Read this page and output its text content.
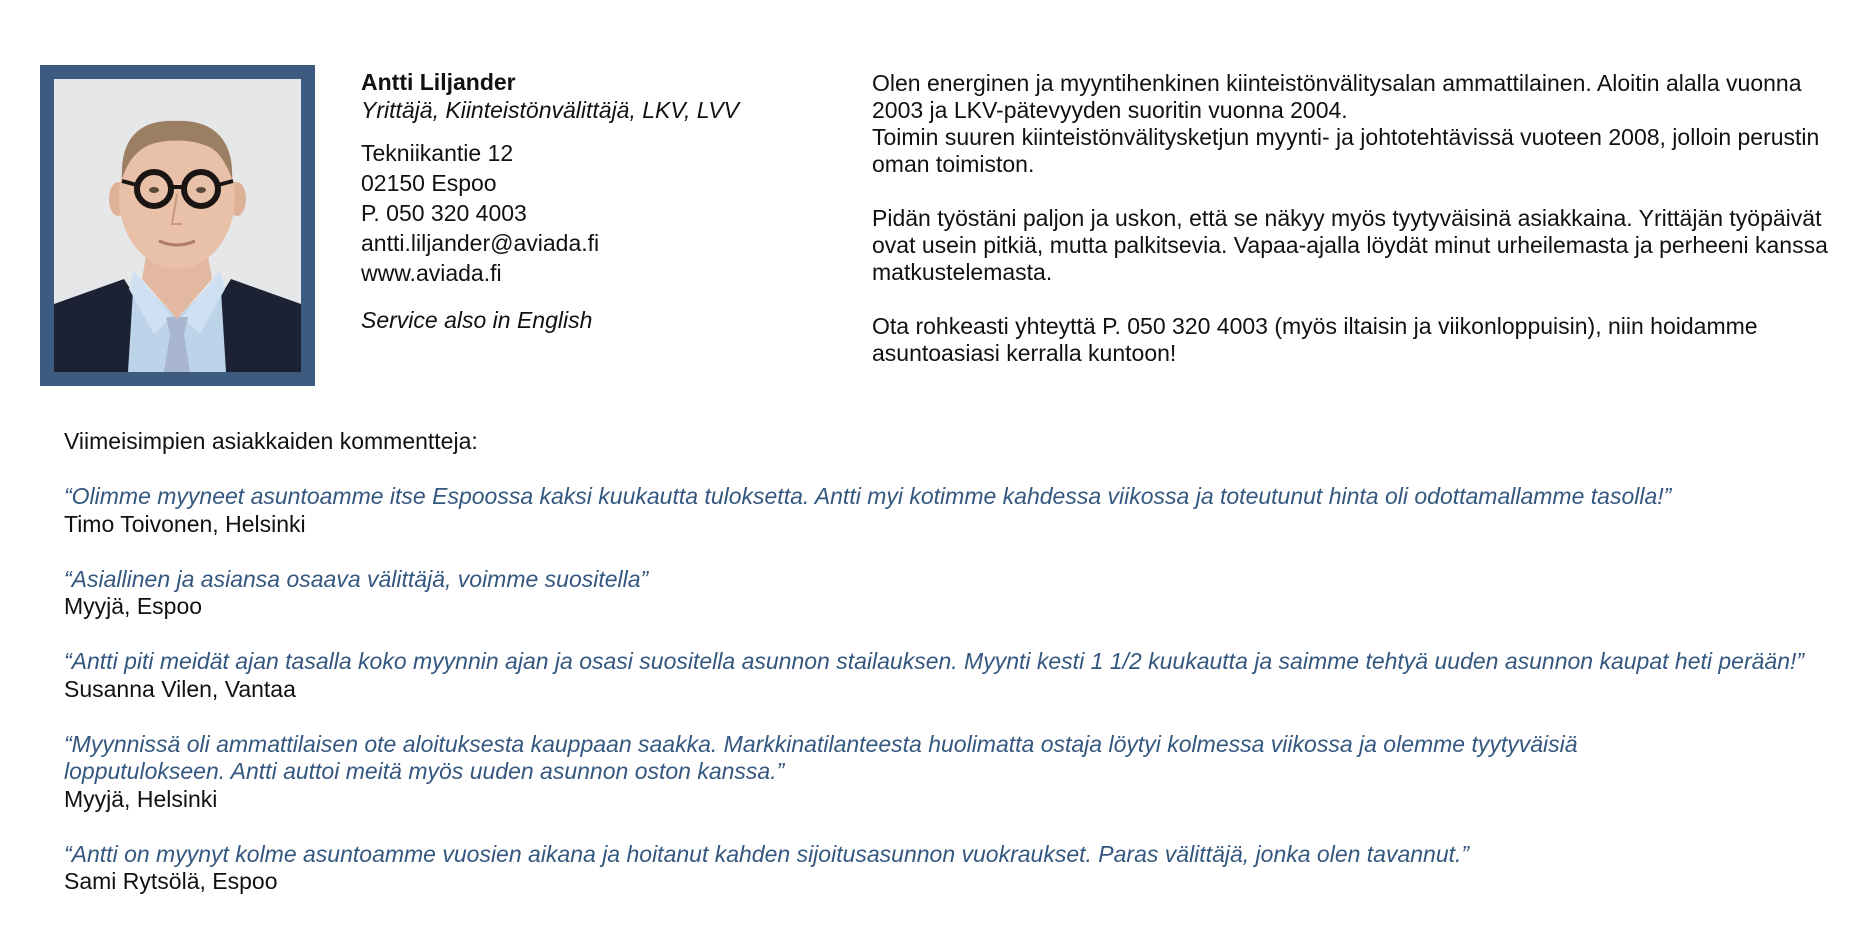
Antti Liljander
Yrittäjä, Kiinteistönvälittäjä, LKV, LVV
Tekniikantie 12
02150 Espoo
P. 050 320 4003
antti.liljander@aviada.fi
www.aviada.fi
Service also in English

Olen energinen ja myyntihenkinen kiinteistönvälitysalan ammattilainen. Aloitin alalla vuonna 2003 ja LKV-pätevyyden suoritin vuonna 2004.

Toimin suuren kiinteistönvälitysketjun myynti- ja johtotehtävissä vuoteen 2008, jolloin perustin oman toimiston.

Pidän työstäni paljon ja uskon, että se näkyy myös tyytyväisinä asiakkaina. Yrittäjän työpäivät ovat usein pitkiä, mutta palkitsevia. Vapaa-ajalla löydät minut urheilemasta ja perheeni kanssa matkustelemasta.

Ota rohkeasti yhteyttä P. 050 320 4003 (myös iltaisin ja viikonloppuisin), niin hoidamme asuntoasiasi kerralla kuntoon!

Viimeisimpien asiakkaiden kommentteja:
“Olimme myyneet asuntoamme itse Espoossa kaksi kuukautta tuloksetta. Antti myi kotimme kahdessa viikossa ja toteutunut hinta oli odottamallamme tasolla!”
Timo Toivonen, Helsinki
“Asiallinen ja asiansa osaava välittäjä, voimme suositella”
Myyjä, Espoo
“Antti piti meidät ajan tasalla koko myynnin ajan ja osasi suositella asunnon stailauksen. Myynti kesti 1 1/2 kuukautta ja saimme tehtyä uuden asunnon kaupat heti perään!”
Susanna Vilen, Vantaa
“Myynnissä oli ammattilaisen ote aloituksesta kauppaan saakka. Markkinatilanteesta huolimatta ostaja löytyi kolmessa viikossa ja olemme tyytyväisiä lopputulokseen. Antti auttoi meitä myös uuden asunnon oston kanssa.”
Myyjä, Helsinki
“Antti on myynyt kolme asuntoamme vuosien aikana ja hoitanut kahden sijoitusasunnon vuokraukset. Paras välittäjä, jonka olen tavannut.”
Sami Rytsölä, Espoo
